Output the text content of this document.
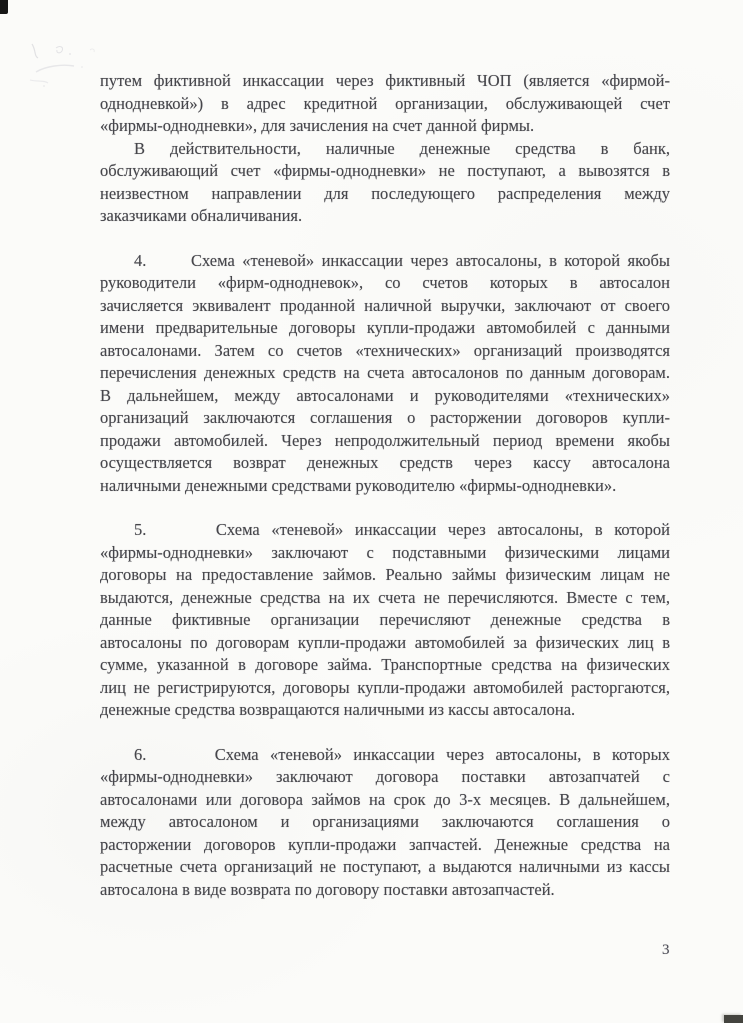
путем фиктивной инкассации через фиктивный ЧОП (является «фирмой-
однодневкой») в адрес кредитной организации, обслуживающей счет
«фирмы-однодневки», для зачисления на счет данной фирмы.
В действительности, наличные денежные средства в банк,
обслуживающий счет «фирмы-однодневки» не поступают, а вывозятся в
неизвестном направлении для последующего распределения между
заказчиками обналичивания.
4.      Схема «теневой» инкассации через автосалоны, в которой якобы
руководители «фирм-однодневок», со счетов которых в автосалон
зачисляется эквивалент проданной наличной выручки, заключают от своего
имени предварительные договоры купли-продажи автомобилей с данными
автосалонами. Затем со счетов «технических» организаций производятся
перечисления денежных средств на счета автосалонов по данным договорам.
В дальнейшем, между автосалонами и руководителями «технических»
организаций заключаются соглашения о расторжении договоров купли-
продажи автомобилей. Через непродолжительный период времени якобы
осуществляется возврат денежных средств через кассу автосалона
наличными денежными средствами руководителю «фирмы-однодневки».
5.      Схема «теневой» инкассации через автосалоны, в которой
«фирмы-однодневки» заключают с подставными физическими лицами
договоры на предоставление займов. Реально займы физическим лицам не
выдаются, денежные средства на их счета не перечисляются. Вместе с тем,
данные фиктивные организации перечисляют денежные средства в
автосалоны по договорам купли-продажи автомобилей за физических лиц в
сумме, указанной в договоре займа. Транспортные средства на физических
лиц не регистрируются, договоры купли-продажи автомобилей расторгаются,
денежные средства возвращаются наличными из кассы автосалона.
6.      Схема «теневой» инкассации через автосалоны, в которых
«фирмы-однодневки» заключают договора поставки автозапчатей с
автосалонами или договора займов на срок до 3-х месяцев. В дальнейшем,
между автосалоном и организациями заключаются соглашения о
расторжении договоров купли-продажи запчастей. Денежные средства на
расчетные счета организаций не поступают, а выдаются наличными из кассы
автосалона в виде возврата по договору поставки автозапчастей.
3
